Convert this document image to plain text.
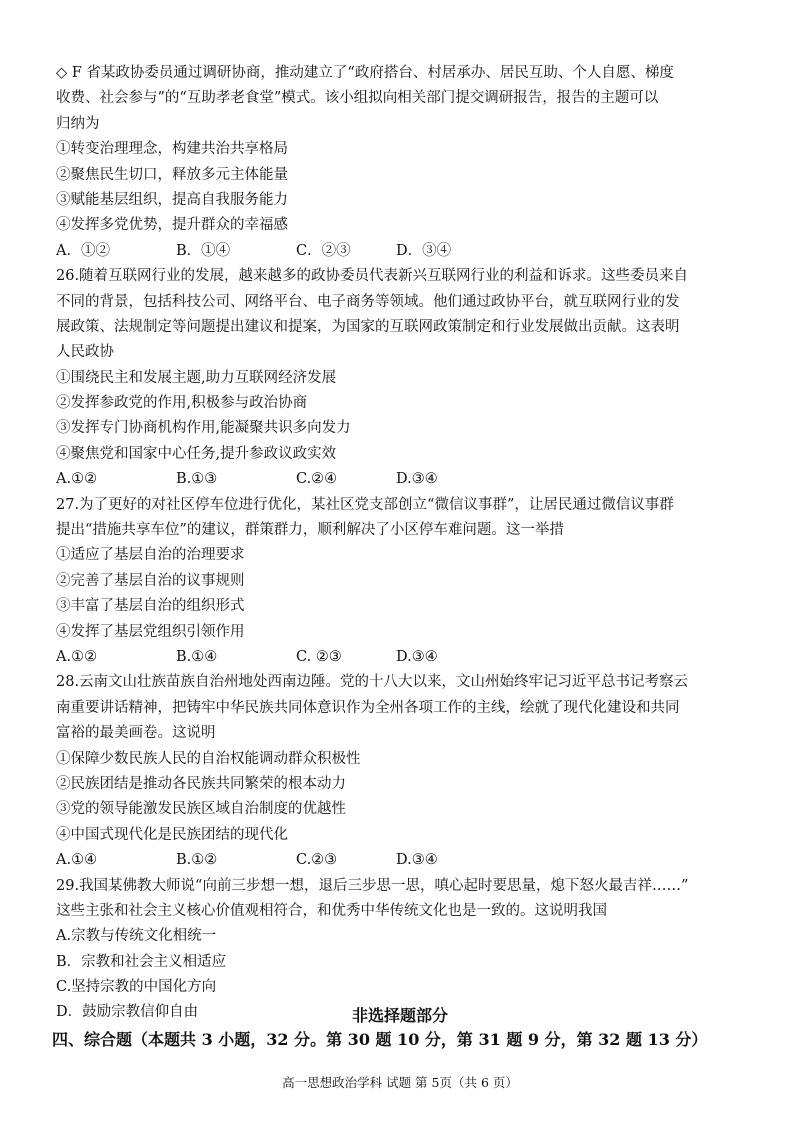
◇ F 省某政协委员通过调研协商，推动建立了“政府搭台、村居承办、居民互助、个人自愿、梯度
收费、社会参与”的“互助孝老食堂”模式。该小组拟向相关部门提交调研报告，报告的主题可以
归纳为
①转变治理理念，构建共治共享格局
②聚焦民生切口，释放多元主体能量
③赋能基层组织，提高自我服务能力
④发挥多党优势，提升群众的幸福感
A．①②	B．①④	C．②③	D．③④
26.随着互联网行业的发展，越来越多的政协委员代表新兴互联网行业的利益和诉求。这些委员来自
不同的背景，包括科技公司、网络平台、电子商务等领域。他们通过政协平台，就互联网行业的发
展政策、法规制定等问题提出建议和提案，为国家的互联网政策制定和行业发展做出贡献。这表明
人民政协
①围绕民主和发展主题,助力互联网经济发展
②发挥参政党的作用,积极参与政治协商
③发挥专门协商机构作用,能凝聚共识多向发力
④聚焦党和国家中心任务,提升参政议政实效
A.①②	B.①③	C.②④	D.③④
27.为了更好的对社区停车位进行优化，某社区党支部创立“微信议事群”，让居民通过微信议事群
提出“措施共享车位”的建议，群策群力，顺利解决了小区停车难问题。这一举措
①适应了基层自治的治理要求
②完善了基层自治的议事规则
③丰富了基层自治的组织形式
④发挥了基层党组织引领作用
A.①②	B.①④	C. ②③	D.③④
28.云南文山壮族苗族自治州地处西南边陲。党的十八大以来，文山州始终牢记习近平总书记考察云
南重要讲话精神，把铸牢中华民族共同体意识作为全州各项工作的主线，绘就了现代化建设和共同
富裕的最美画卷。这说明
①保障少数民族人民的自治权能调动群众积极性
②民族团结是推动各民族共同繁荣的根本动力
③党的领导能激发民族区域自治制度的优越性
④中国式现代化是民族团结的现代化
A.①④	B.①②	C.②③	D.③④
29.我国某佛教大师说“向前三步想一想，退后三步思一思，嗔心起时要思量，熄下怒火最吉祥……”
这些主张和社会主义核心价值观相符合，和优秀中华传统文化也是一致的。这说明我国
A.宗教与传统文化相统一
B．宗教和社会主义相适应
C.坚持宗教的中国化方向
D．鼓励宗教信仰自由	非选择题部分
四、综合题（本题共 3 小题，32 分。第 30 题 10 分，第 31 题 9 分，第 32 题 13 分）
高一思想政治学科 试题 第 5页（共 6 页）
